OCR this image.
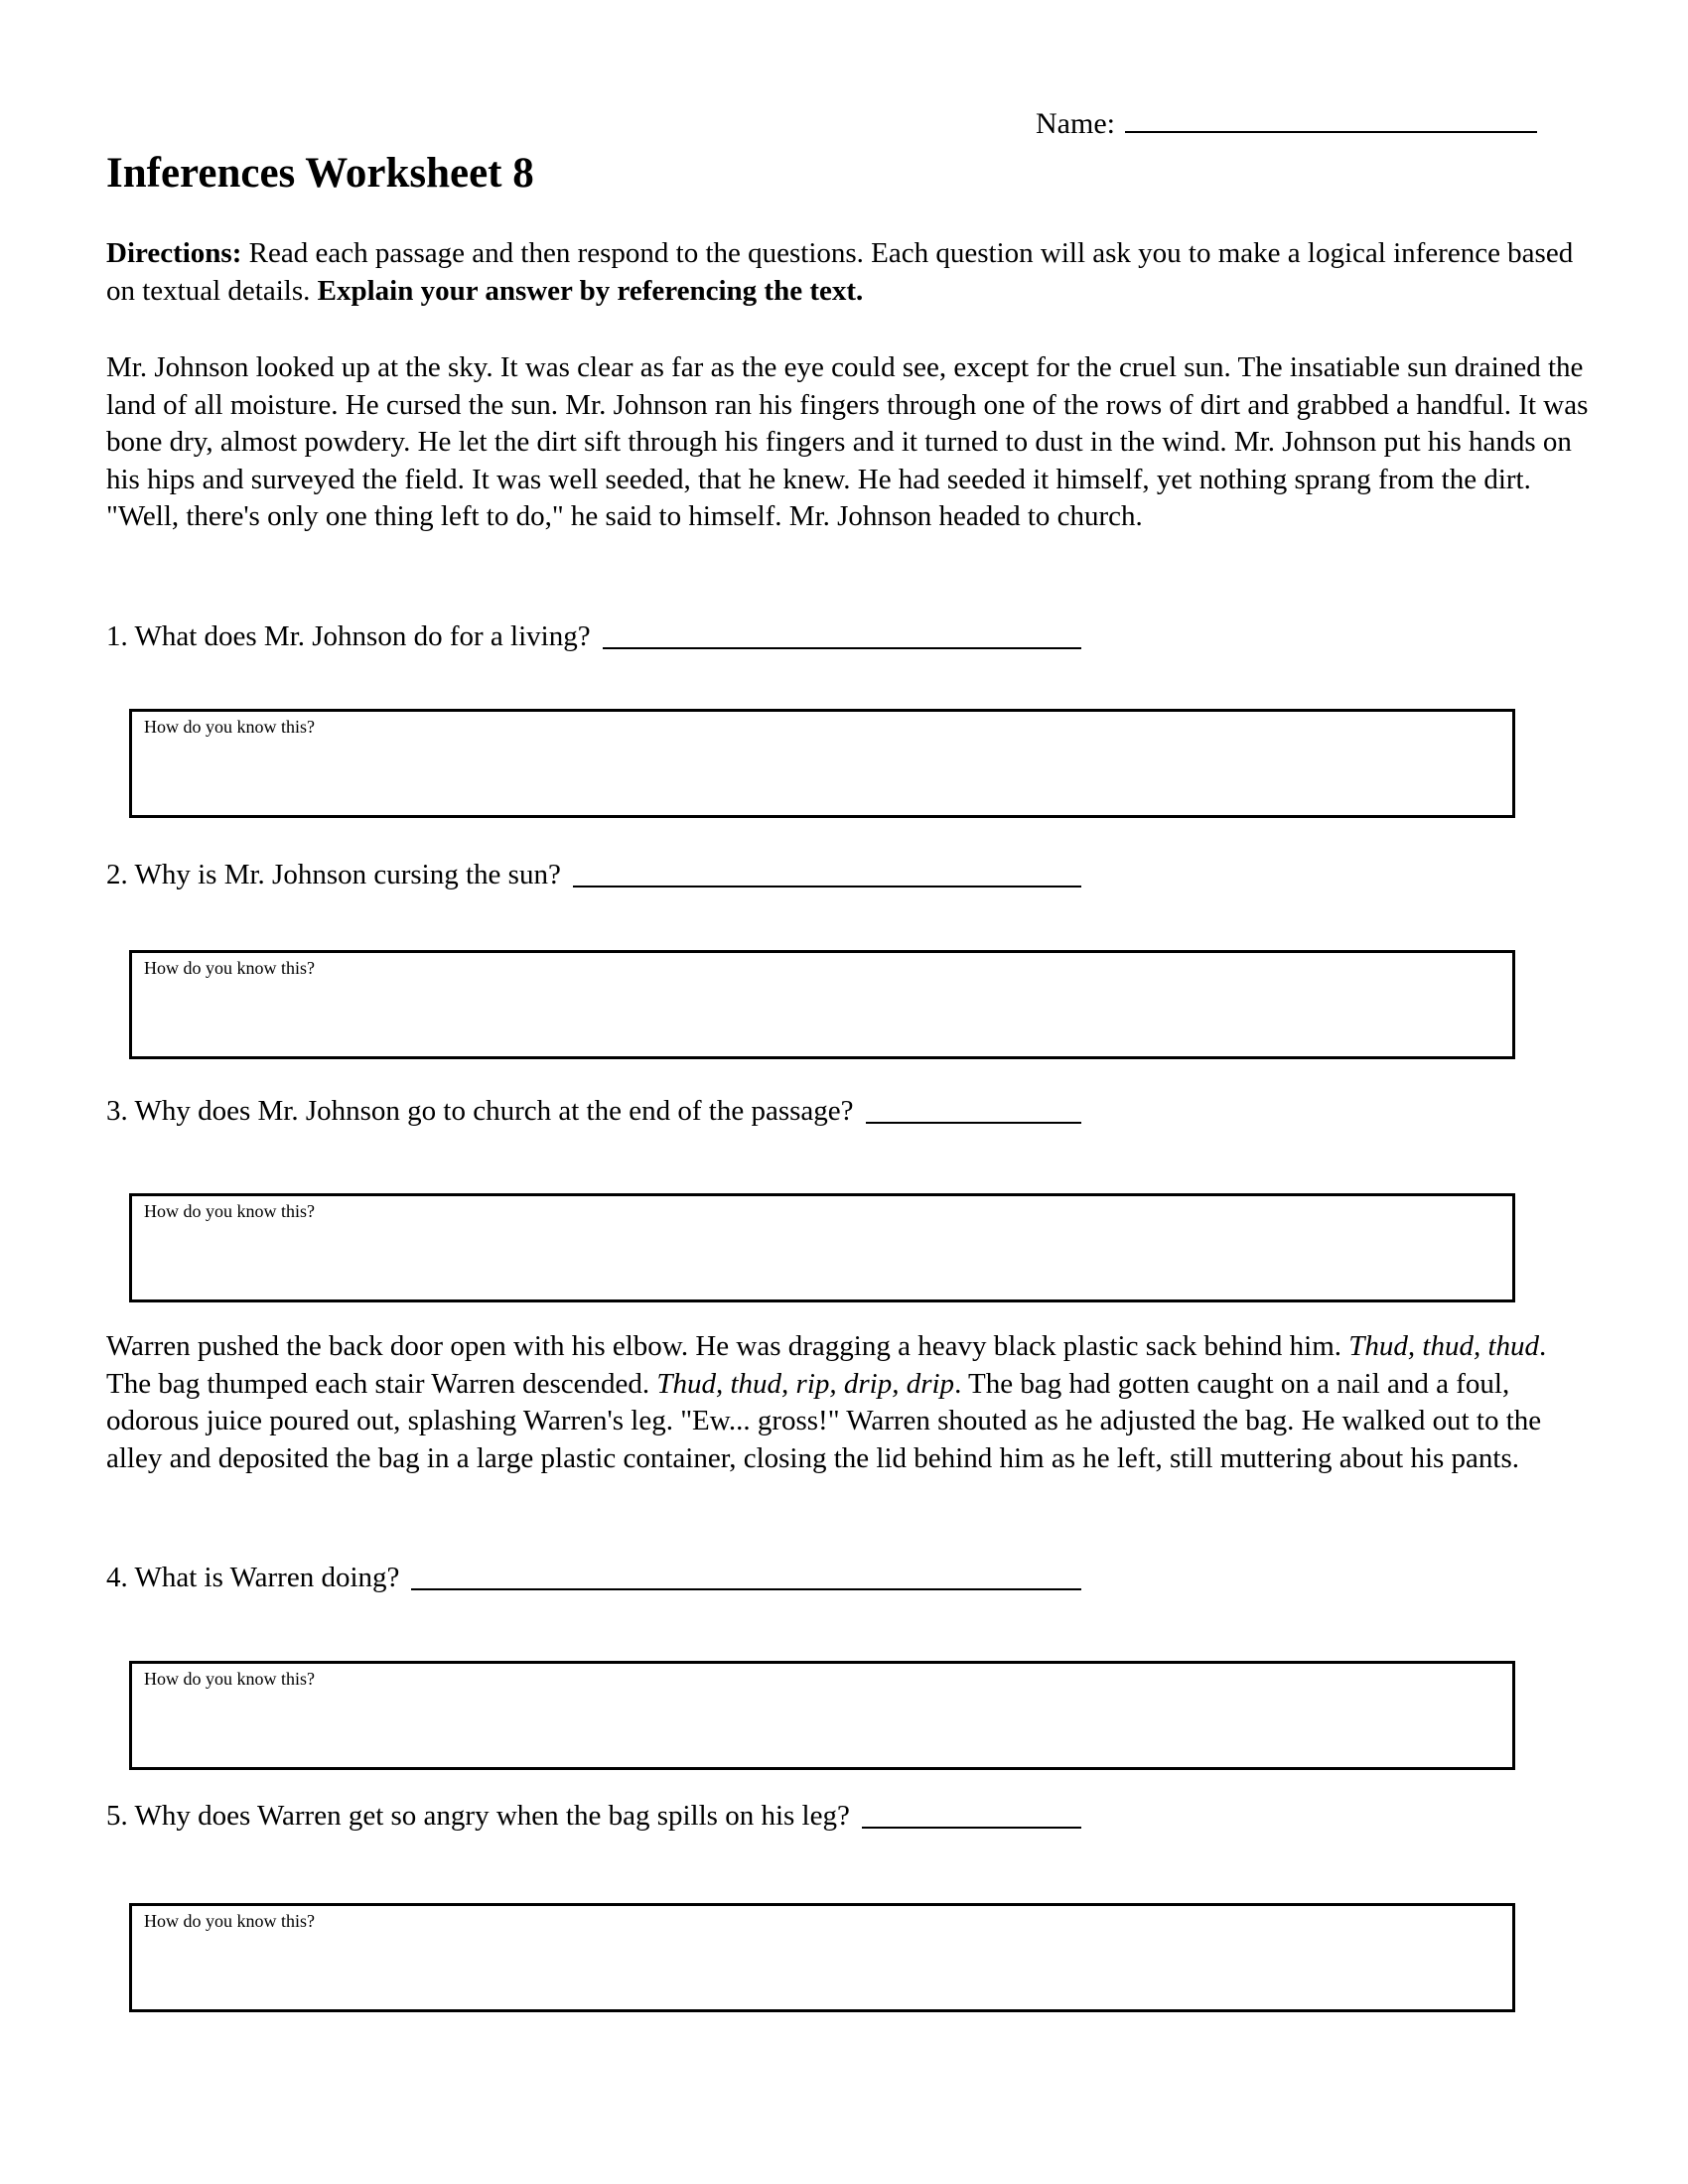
Name:
Inferences Worksheet 8

Directions: Read each passage and then respond to the questions. Each question will ask you to make a logical inference based on textual details. Explain your answer by referencing the text.

Mr. Johnson looked up at the sky. It was clear as far as the eye could see, except for the cruel sun. The insatiable sun drained the land of all moisture. He cursed the sun. Mr. Johnson ran his fingers through one of the rows of dirt and grabbed a handful. It was bone dry, almost powdery. He let the dirt sift through his fingers and it turned to dust in the wind. Mr. Johnson put his hands on his hips and surveyed the field. It was well seeded, that he knew. He had seeded it himself, yet nothing sprang from the dirt. "Well, there's only one thing left to do," he said to himself. Mr. Johnson headed to church.

1. What does Mr. Johnson do for a living?
How do you know this?
2. Why is Mr. Johnson cursing the sun?
How do you know this?
3. Why does Mr. Johnson go to church at the end of the passage?
How do you know this?

Warren pushed the back door open with his elbow. He was dragging a heavy black plastic sack behind him. Thud, thud, thud. The bag thumped each stair Warren descended. Thud, thud, rip, drip, drip. The bag had gotten caught on a nail and a foul, odorous juice poured out, splashing Warren's leg. "Ew... gross!" Warren shouted as he adjusted the bag. He walked out to the alley and deposited the bag in a large plastic container, closing the lid behind him as he left, still muttering about his pants.

4. What is Warren doing?
How do you know this?
5. Why does Warren get so angry when the bag spills on his leg?
How do you know this?
